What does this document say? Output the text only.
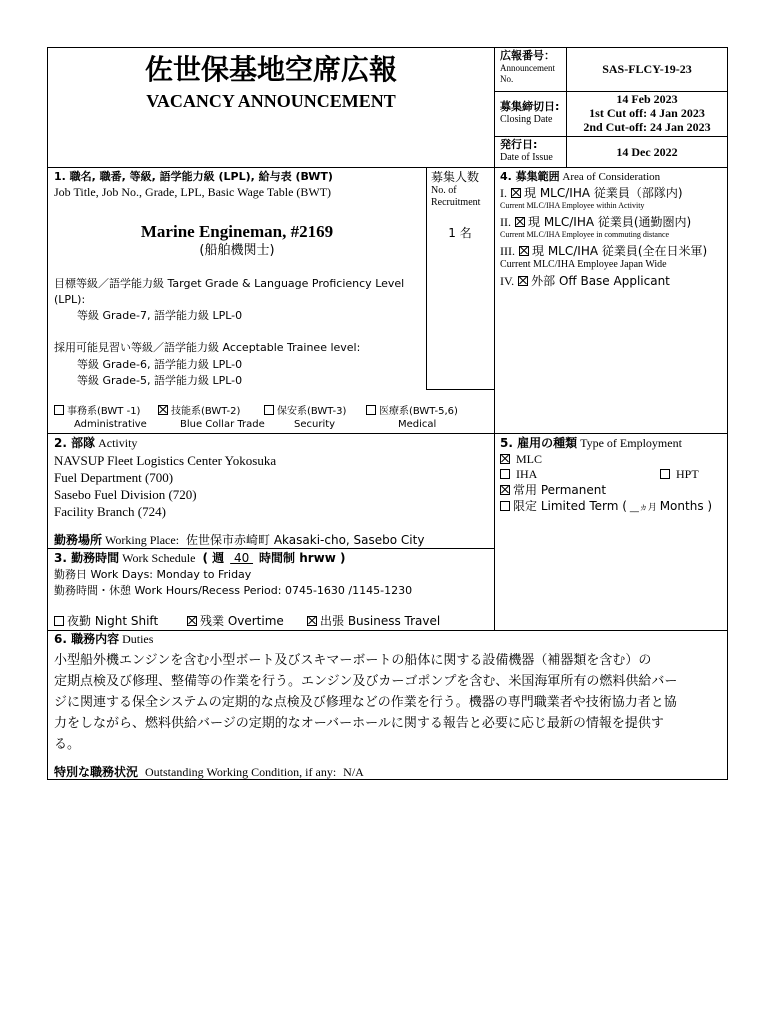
佐世保基地空席広報
VACANCY ANNOUNCEMENT
広報番号：
Announcement No.
SAS-FLCY-19-23
募集締切日:
Closing Date
14 Feb 2023
1st Cut off: 4 Jan 2023
2nd Cut-off: 24 Jan 2023
発行日:
Date of Issue	14 Dec 2022
1. 職名, 職番, 等級, 語学能力級 (LPL), 給与表 (BWT)
Job Title, Job No., Grade, LPL, Basic Wage Table (BWT)
募集人数
No. of
Recruitment
1 名
Marine Engineman, #2169
(船舶機関士)
目標等級／語学能力級 Target Grade & Language Proficiency Level
(LPL):
等級 Grade-7, 語学能力級 LPL-0
採用可能見習い等級／語学能力級 Acceptable Trainee level:
等級 Grade-6, 語学能力級 LPL-0
等級 Grade-5, 語学能力級 LPL-0
事務系(BWT -1)
Administrative
技能系(BWT-2)
Blue Collar Trade
保安系(BWT-3)
Security
医療系(BWT-5,6)
Medical
4. 募集範囲 Area of Consideration
I. 現 MLC/IHA 従業員（部隊内)
Current MLC/IHA Employee within Activity
II. 現 MLC/IHA 従業員(通勤圏内)
Current MLC/IHA Employee in commuting distance
III. 現 MLC/IHA 従業員(全在日米軍)
Current MLC/IHA Employee Japan Wide
IV. 外部 Off Base Applicant
2. 部隊 Activity
NAVSUP Fleet Logistics Center Yokosuka
Fuel Department (700)
Sasebo Fuel Division (720)
Facility Branch (724)
勤務場所 Working Place: 佐世保市赤崎町 Akasaki-cho, Sasebo City
5. 雇用の種類 Type of Employment
MLC
IHA	HPT
常用 Permanent
限定 Limited Term ( __ヵ月 Months )
3. 勤務時間 Work Schedule ( 週 40 時間制 hrww )
勤務日 Work Days: Monday to Friday
勤務時間・休憩 Work Hours/Recess Period: 0745-1630 /1145-1230
夜勤 Night Shift	残業 Overtime	出張 Business Travel
6. 職務内容 Duties
小型船外機エンジンを含む小型ボート及びスキマーボートの船体に関する設備機器（補器類を含む）の
定期点検及び修理、整備等の作業を行う。エンジン及びカーゴポンプを含む、米国海軍所有の燃料供給バー
ジに関連する保全システムの定期的な点検及び修理などの作業を行う。機器の専門職業者や技術協力者と協
力をしながら、燃料供給バージの定期的なオーバーホールに関する報告と必要に応じ最新の情報を提供す
る。
特別な職務状況 Outstanding Working Condition, if any: N/A
